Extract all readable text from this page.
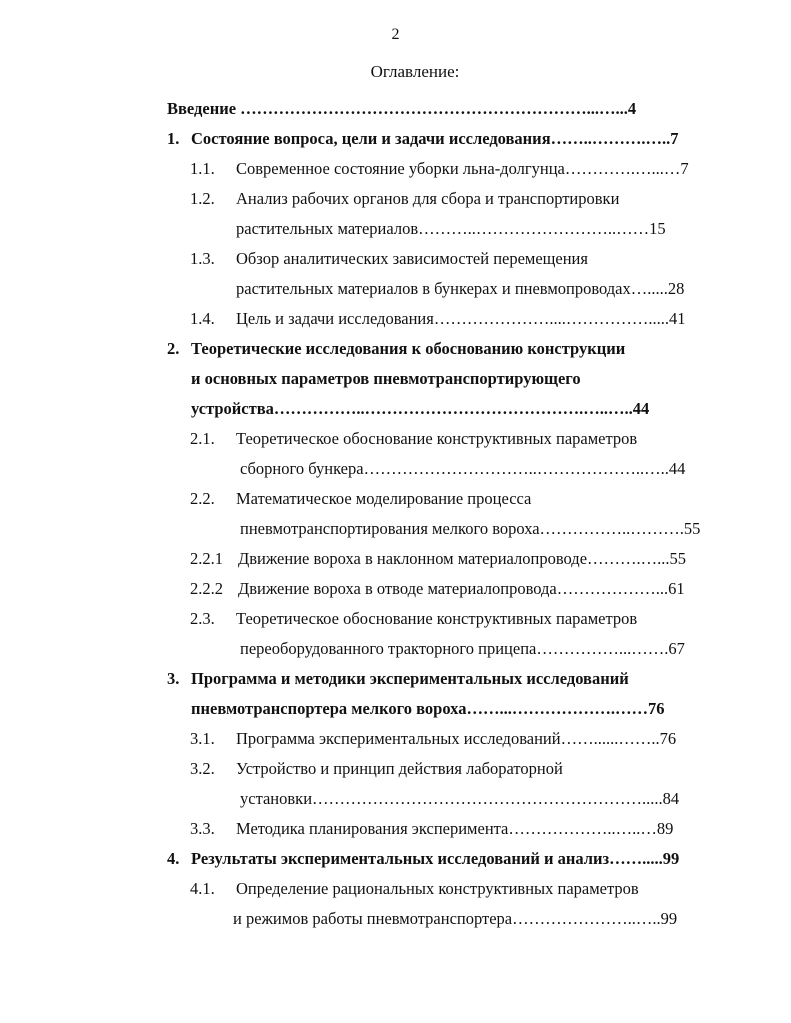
2
Оглавление:
Введение ………………………………………………………...…...4
1. Состояние вопроса, цели и задачи исследования……..……….…..7
1.1. Современное состояние уборки льна-долгунца………….…...…7
1.2. Анализ рабочих органов для сбора и транспортировки
растительных материалов………..……………………..……15
1.3. Обзор аналитических зависимостей перемещения
растительных материалов в бункерах и пневмопроводах….....28
1.4. Цель и задачи исследования…………………....…………….....41
2. Теоретические исследования к обоснованию конструкции
и основных параметров пневмотранспортирующего
устройства……………..………………………………….…..…..44
2.1. Теоретическое обоснование конструктивных параметров
сборного бункера…………………………..………………..…..44
2.2. Математическое моделирование процесса
пневмотранспортирования мелкого вороха……………..……….55
2.2.1 Движение вороха в наклонном материалопроводе……….…...55
2.2.2 Движение вороха в отводе материалопровода………………...61
2.3. Теоретическое обоснование конструктивных параметров
переоборудованного тракторного прицепа……………...…….67
3. Программа и методики экспериментальных исследований
пневмотранспортера мелкого вороха……...……………….……76
3.1. Программа экспериментальных исследований……......……..76
3.2. Устройство и принцип действия лабораторной
установки…………………………………………………….....84
3.3. Методика планирования эксперимента………………..…..…89
4. Результаты экспериментальных исследований и анализ…….....99
4.1. Определение рациональных конструктивных параметров
и режимов работы пневмотранспортера…………………..…..99
